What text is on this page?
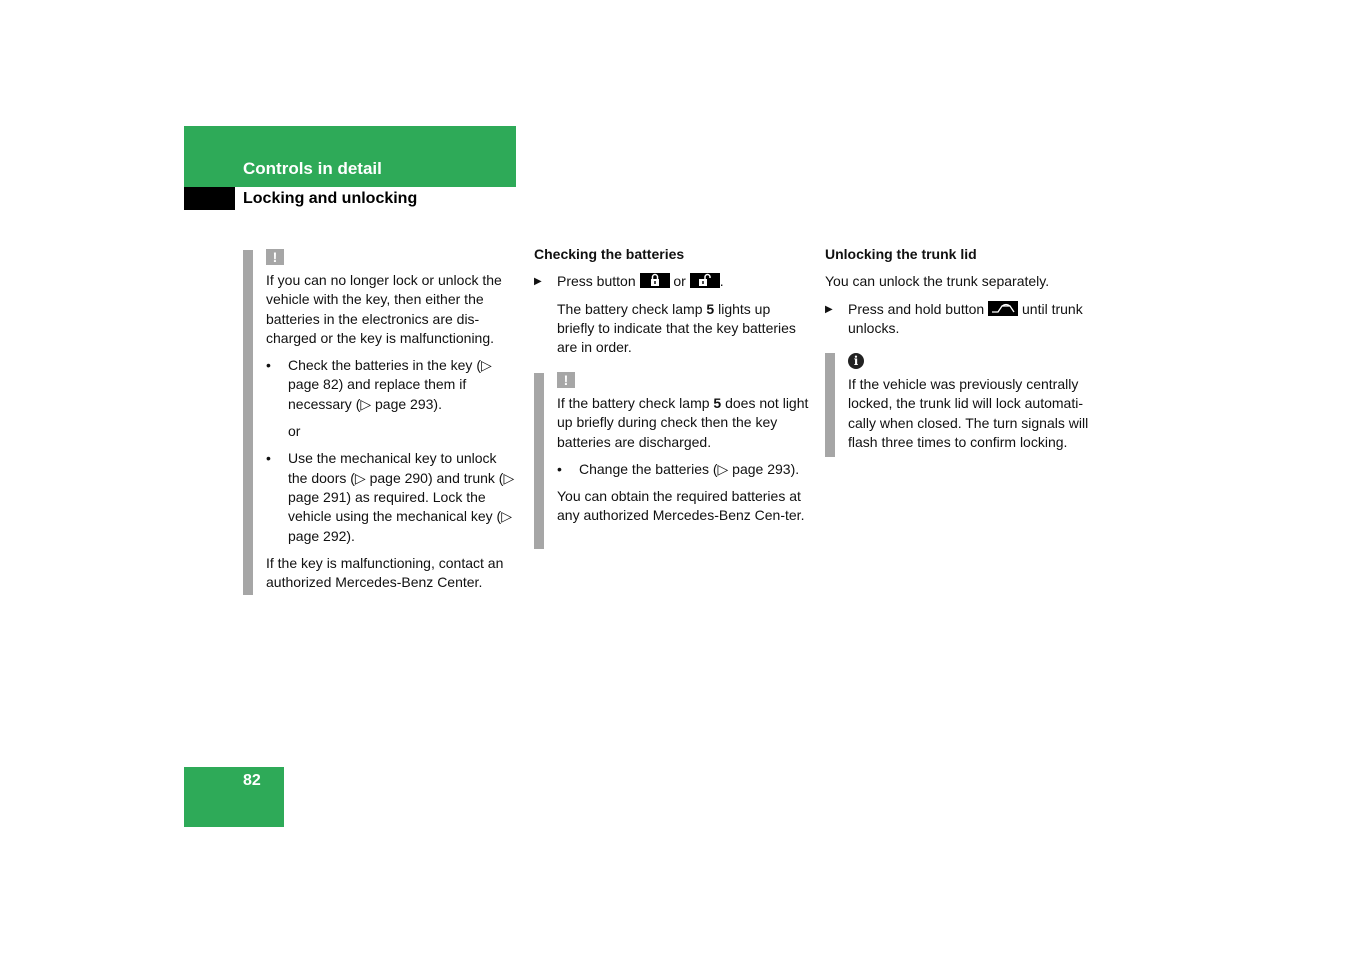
Controls in detail
Locking and unlocking
!

If you can no longer lock or unlock the vehicle with the key, then either the batteries in the electronics are dis-charged or the key is malfunctioning.

• Check the batteries in the key (▷ page 82) and replace them if necessary (▷ page 293).

or

• Use the mechanical key to unlock the doors (▷ page 290) and trunk (▷ page 291) as required. Lock the vehicle using the mechanical key (▷ page 292).

If the key is malfunctioning, contact an authorized Mercedes-Benz Center.

Checking the batteries

▶ Press button	or .

The battery check lamp 5 lights up briefly to indicate that the key batteries are in order.

!

If the battery check lamp 5 does not light up briefly during check then the key batteries are discharged.

• Change the batteries (▷ page 293).

You can obtain the required batteries at any authorized Mercedes-Benz Cen-ter.

Unlocking the trunk lid

You can unlock the trunk separately.

▶ Press and hold button	until trunk unlocks.
i

If the vehicle was previously centrally locked, the trunk lid will lock automati-cally when closed. The turn signals will flash three times to confirm locking.

82
